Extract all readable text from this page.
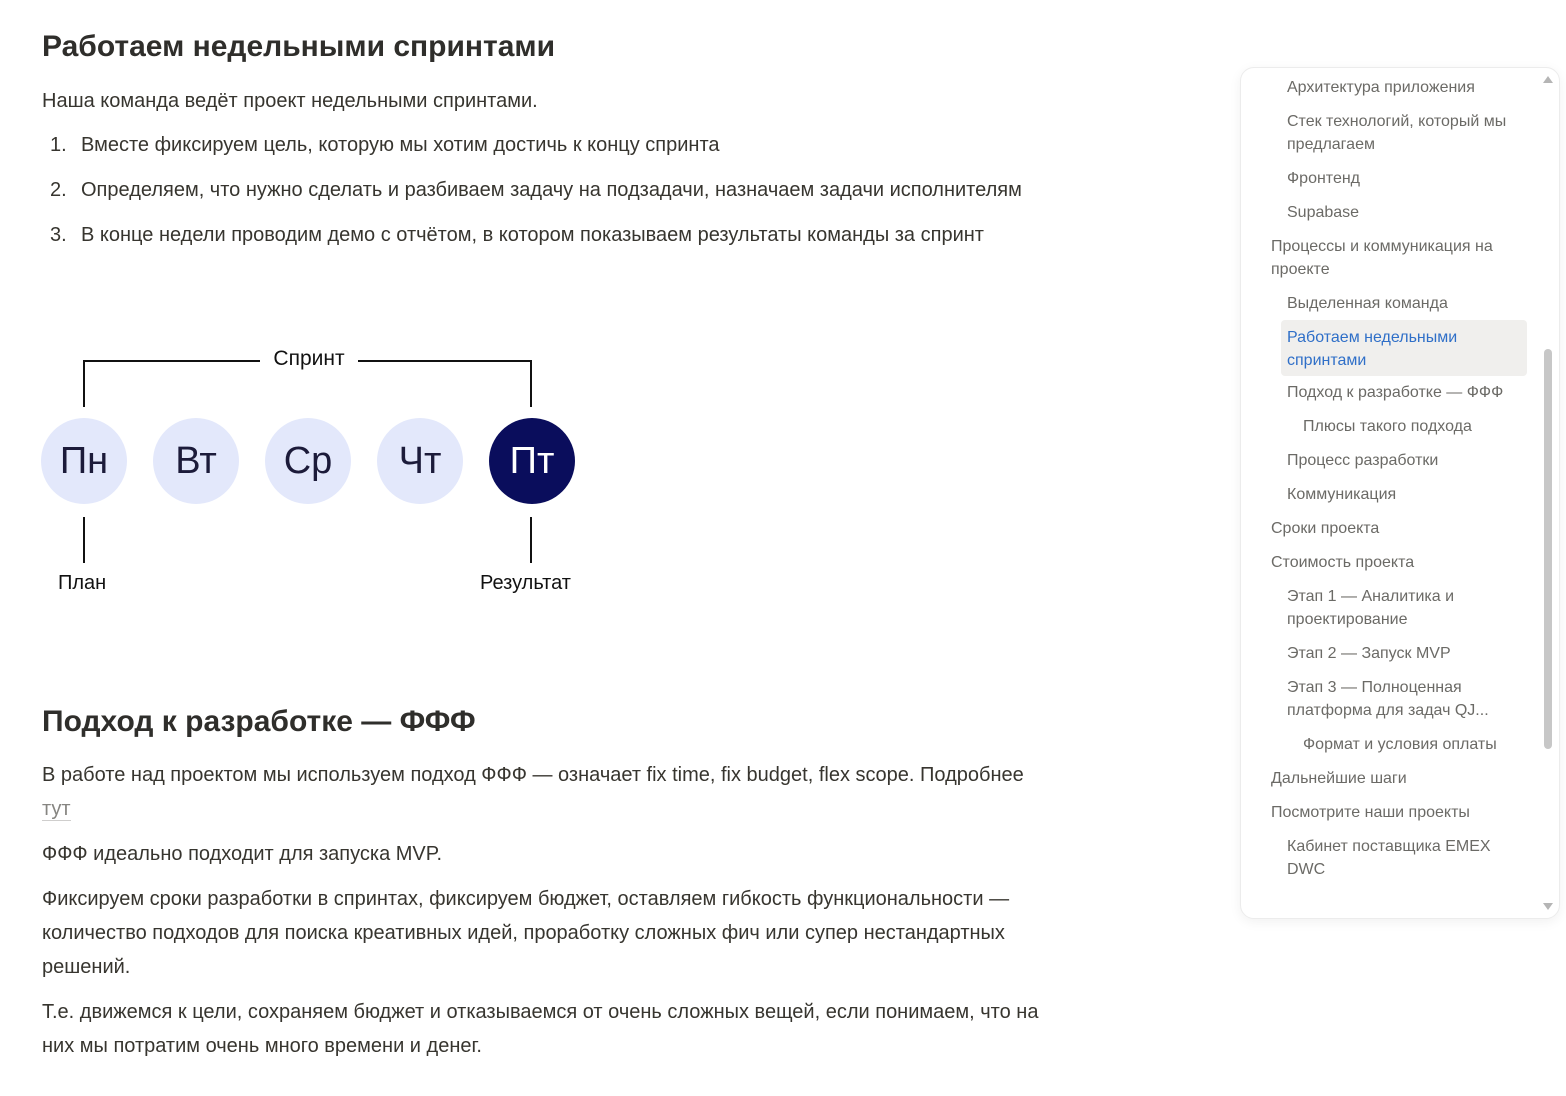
Работаем недельными спринтами

Наша команда ведёт проект недельными спринтами.

1. Вместе фиксируем цель, которую мы хотим достичь к концу спринта
2. Определяем, что нужно сделать и разбиваем задачу на подзадачи, назначаем задачи исполнителям
3. В конце недели проводим демо с отчётом, в котором показываем результаты команды за спринт
Спринт
Пн	Вт	Ср	Чт	Пт
План	Результат
Подход к разработке — ФФФ

В работе над проектом мы используем подход ФФФ — означает fix time, fix budget, flex scope. Подробнее тут

ФФФ идеально подходит для запуска MVP.

Фиксируем сроки разработки в спринтах, фиксируем бюджет, оставляем гибкость функциональности — количество подходов для поиска креативных идей, проработку сложных фич или супер нестандартных решений.

Т.е. движемся к цели, сохраняем бюджет и отказываемся от очень сложных вещей, если понимаем, что на них мы потратим очень много времени и денег.

Архитектура приложения
Стек технологий, который мы предлагаем
Фронтенд
Supabase
Процессы и коммуникация на проекте
Выделенная команда
Работаем недельными спринтами
Подход к разработке — ФФФ
Плюсы такого подхода
Процесс разработки
Коммуникация
Сроки проекта
Стоимость проекта
Этап 1 — Аналитика и проектирование
Этап 2 — Запуск MVP
Этап 3 — Полноценная платформа для задач QJ...
Формат и условия оплаты
Дальнейшие шаги
Посмотрите наши проекты
Кабинет поставщика EMEX DWC
